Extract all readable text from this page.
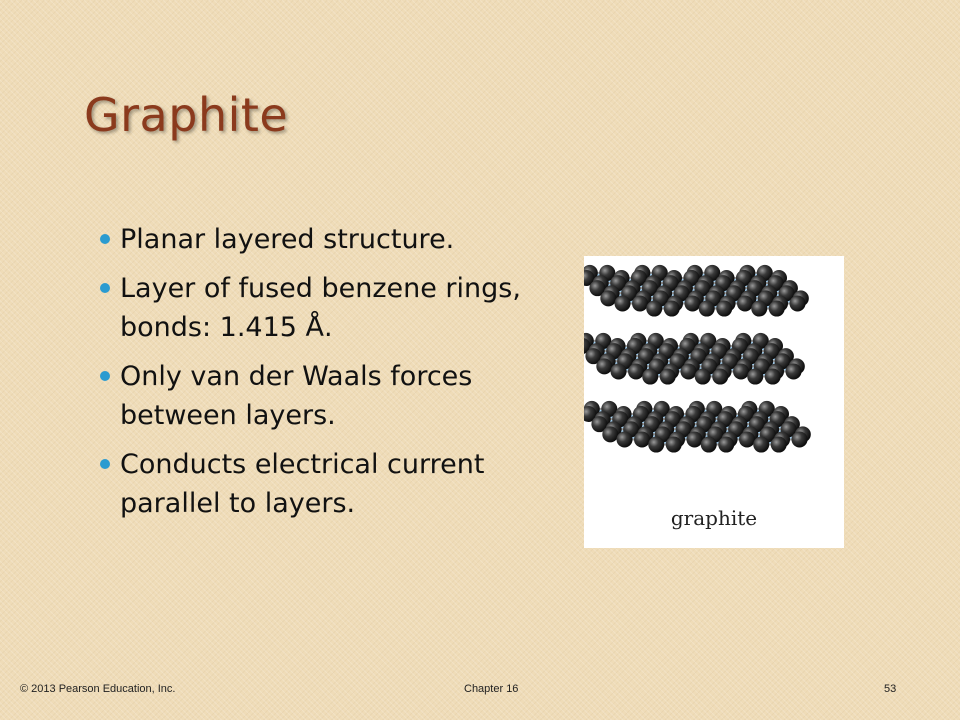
Graphite
Planar layered structure.
Layer of fused benzene rings, bonds: 1.415 Å.
Only van der Waals forces between layers.
Conducts electrical current parallel to layers.	graphite
© 2013 Pearson Education, Inc.	Chapter 16	53
